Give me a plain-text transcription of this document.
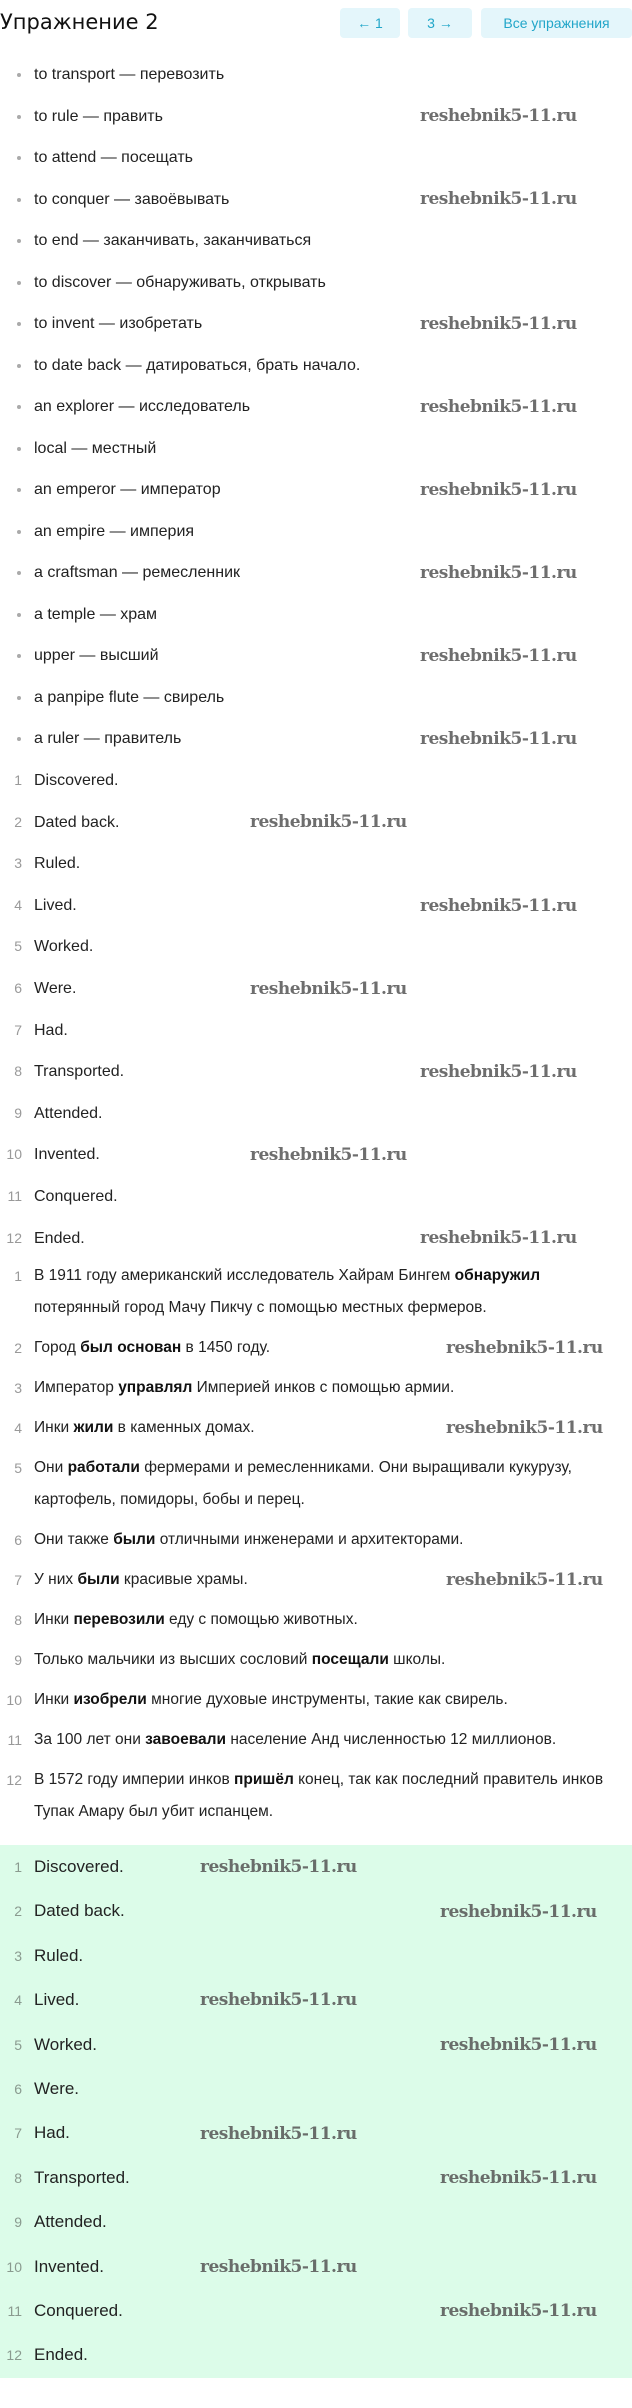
Упражнение 2	← 1	3 →	Все упражнения
to transport — перевозить
to rule — править
to attend — посещать
to conquer — завоёвывать
to end — заканчивать, заканчиваться
to discover — обнаруживать, открывать
to invent — изобретать
to date back — датироваться, брать начало.
an explorer — исследователь
local — местный
an emperor — император
an empire — империя
a craftsman — ремесленник
a temple — храм
upper — высший
a panpipe flute — свирель
a ruler — правитель
1 Discovered.
2 Dated back.
3 Ruled.
4 Lived.
5 Worked.
6 Were.
7 Had.
8 Transported.
9 Attended.
10 Invented.
11 Conquered.
12 Ended.
1 В 1911 году американский исследователь Хайрам Бингем обнаружил потерянный город Мачу Пикчу с помощью местных фермеров.
2 Город был основан в 1450 году.
3 Император управлял Империей инков с помощью армии.
4 Инки жили в каменных домах.
5 Они работали фермерами и ремесленниками. Они выращивали кукурузу, картофель, помидоры, бобы и перец.
6 Они также были отличными инженерами и архитекторами.
7 У них были красивые храмы.
8 Инки перевозили еду с помощью животных.
9 Только мальчики из высших сословий посещали школы.
10 Инки изобрели многие духовые инструменты, такие как свирель.
11 За 100 лет они завоевали население Анд численностью 12 миллионов.
12 В 1572 году империи инков пришёл конец, так как последний правитель инков Тупак Амару был убит испанцем.
1 Discovered.
2 Dated back.
3 Ruled.
4 Lived.
5 Worked.
6 Were.
7 Had.
8 Transported.
9 Attended.
10 Invented.
11 Conquered.
12 Ended.
reshebnik5-11.ru
reshebnik5-11.ru
reshebnik5-11.ru
reshebnik5-11.ru
reshebnik5-11.ru
reshebnik5-11.ru
reshebnik5-11.ru
reshebnik5-11.ru
reshebnik5-11.ru
reshebnik5-11.ru
reshebnik5-11.ru
reshebnik5-11.ru
reshebnik5-11.ru
reshebnik5-11.ru
reshebnik5-11.ru
reshebnik5-11.ru
reshebnik5-11.ru
reshebnik5-11.ru
reshebnik5-11.ru
reshebnik5-11.ru
reshebnik5-11.ru
reshebnik5-11.ru
reshebnik5-11.ru
reshebnik5-11.ru
reshebnik5-11.ru
